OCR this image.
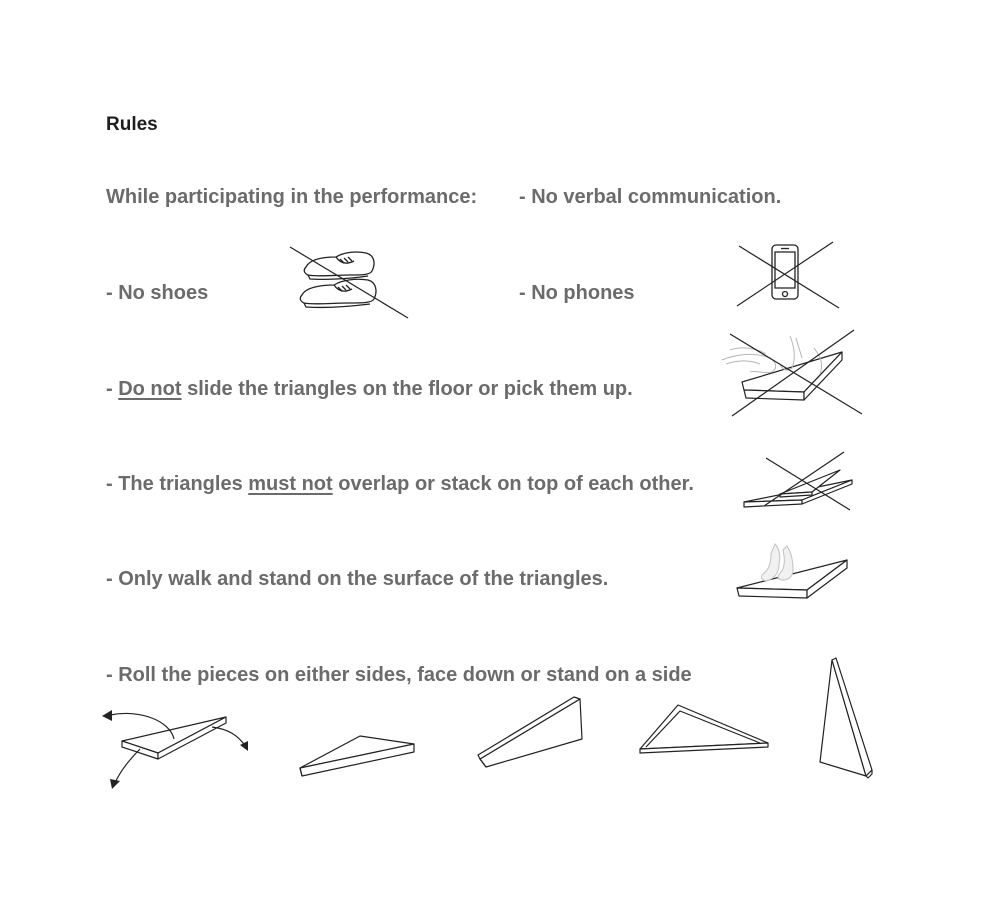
Rules
While participating in the performance: - No verbal communication.
- No shoes	- No phones
- Do not slide the triangles on the floor or pick them up.
- The triangles must not overlap or stack on top of each other.
- Only walk and stand on the surface of the triangles.
- Roll the pieces on either sides, face down or stand on a side
